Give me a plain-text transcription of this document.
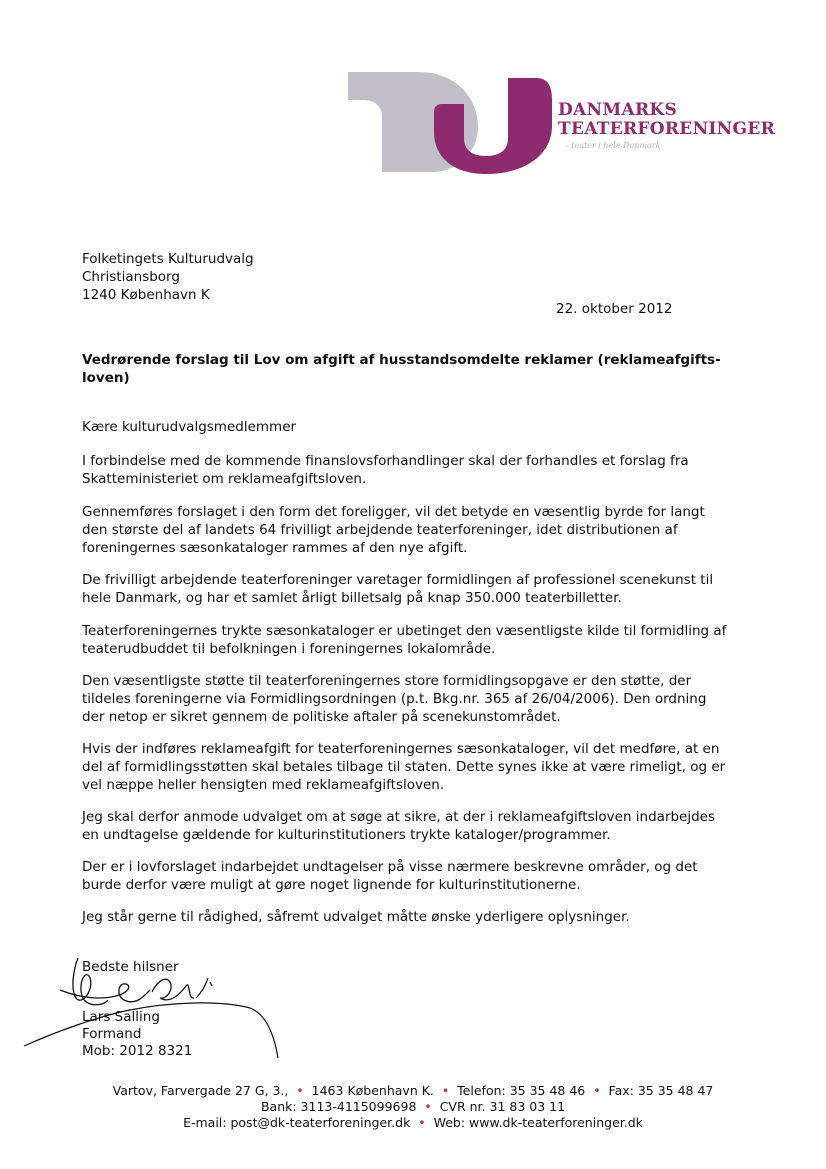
DANMARKS
TEATERFORENINGER
- teater i hele Danmark
Folketingets Kulturudvalg
Christiansborg
1240 København K
22. oktober 2012
Vedrørende forslag til Lov om afgift af husstandsomdelte reklamer (reklameafgifts-
loven)
Kære kulturudvalgsmedlemmer
I forbindelse med de kommende finanslovsforhandlinger skal der forhandles et forslag fra
Skatteministeriet om reklameafgiftsloven.
Gennemføres forslaget i den form det foreligger, vil det betyde en væsentlig byrde for langt
den største del af landets 64 frivilligt arbejdende teaterforeninger, idet distributionen af
foreningernes sæsonkataloger rammes af den nye afgift.
De frivilligt arbejdende teaterforeninger varetager formidlingen af professionel scenekunst til
hele Danmark, og har et samlet årligt billetsalg på knap 350.000 teaterbilletter.
Teaterforeningernes trykte sæsonkataloger er ubetinget den væsentligste kilde til formidling af
teaterudbuddet til befolkningen i foreningernes lokalområde.
Den væsentligste støtte til teaterforeningernes store formidlingsopgave er den støtte, der
tildeles foreningerne via Formidlingsordningen (p.t. Bkg.nr. 365 af 26/04/2006). Den ordning
der netop er sikret gennem de politiske aftaler på scenekunstområdet.
Hvis der indføres reklameafgift for teaterforeningernes sæsonkataloger, vil det medføre, at en
del af formidlingsstøtten skal betales tilbage til staten. Dette synes ikke at være rimeligt, og er
vel næppe heller hensigten med reklameafgiftsloven.
Jeg skal derfor anmode udvalget om at søge at sikre, at der i reklameafgiftsloven indarbejdes
en undtagelse gældende for kulturinstitutioners trykte kataloger/programmer.
Der er i lovforslaget indarbejdet undtagelser på visse nærmere beskrevne områder, og det
burde derfor være muligt at gøre noget lignende for kulturinstitutionerne.
Jeg står gerne til rådighed, såfremt udvalget måtte ønske yderligere oplysninger.
Bedste hilsner
Lars Salling
Formand
Mob: 2012 8321
Vartov, Farvergade 27 G, 3., • 1463 København K. • Telefon: 35 35 48 46 • Fax: 35 35 48 47
Bank: 3113-4115099698 • CVR nr. 31 83 03 11
E-mail: post@dk-teaterforeninger.dk • Web: www.dk-teaterforeninger.dk
